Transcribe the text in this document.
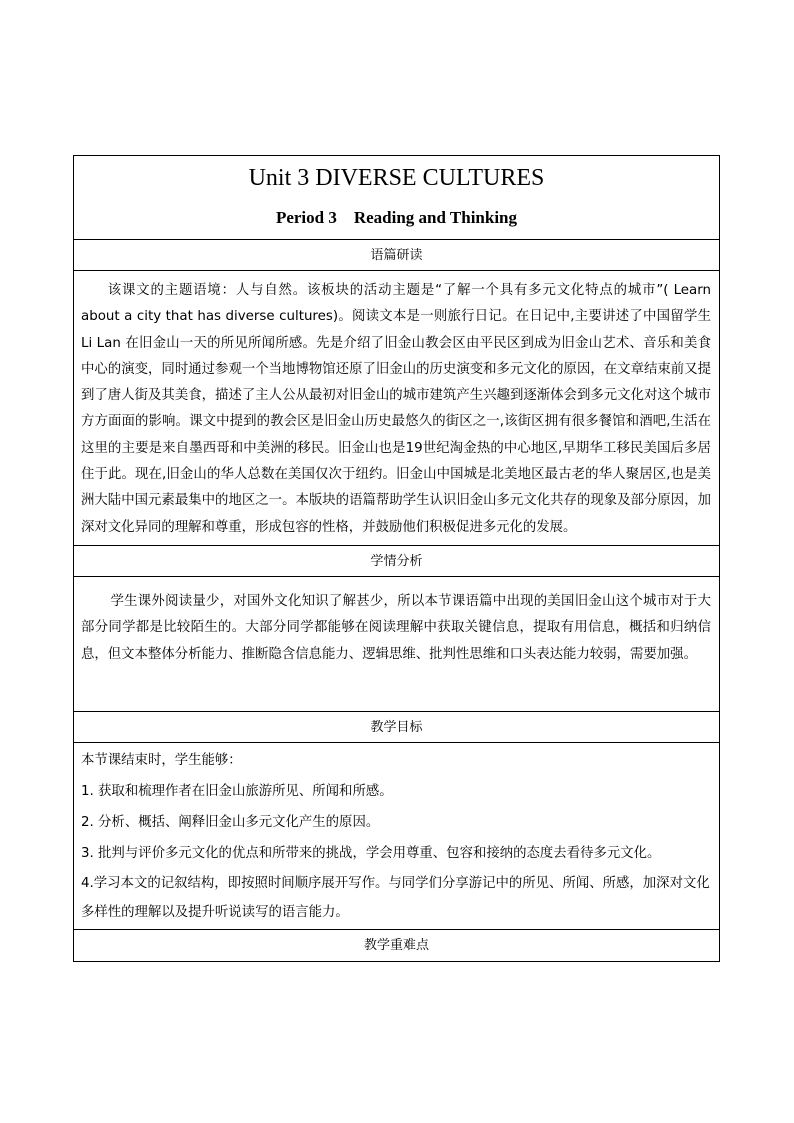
Unit 3 DIVERSE CULTURES
Period 3    Reading and Thinking
语篇研读

该课文的主题语境：人与自然。该板块的活动主题是“了解一个具有多元文化特点的城市”( Learn about a city that has diverse cultures)。阅读文本是一则旅行日记。在日记中,主要讲述了中国留学生 Li Lan 在旧金山一天的所见所闻所感。先是介绍了旧金山教会区由平民区到成为旧金山艺术、音乐和美食中心的演变，同时通过参观一个当地博物馆还原了旧金山的历史演变和多元文化的原因，在文章结束前又提到了唐人街及其美食，描述了主人公从最初对旧金山的城市建筑产生兴趣到逐渐体会到多元文化对这个城市方方面面的影响。课文中提到的教会区是旧金山历史最悠久的街区之一,该街区拥有很多餐馆和酒吧,生活在这里的主要是来自墨西哥和中美洲的移民。旧金山也是19世纪淘金热的中心地区,早期华工移民美国后多居住于此。现在,旧金山的华人总数在美国仅次于纽约。旧金山中国城是北美地区最古老的华人聚居区,也是美洲大陆中国元素最集中的地区之一。本版块的语篇帮助学生认识旧金山多元文化共存的现象及部分原因，加深对文化异同的理解和尊重，形成包容的性格，并鼓励他们积极促进多元化的发展。

学情分析

学生课外阅读量少，对国外文化知识了解甚少，所以本节课语篇中出现的美国旧金山这个城市对于大部分同学都是比较陌生的。大部分同学都能够在阅读理解中获取关键信息，提取有用信息，概括和归纳信息，但文本整体分析能力、推断隐含信息能力、逻辑思维、批判性思维和口头表达能力较弱，需要加强。

教学目标

本节课结束时，学生能够：

1. 获取和梳理作者在旧金山旅游所见、所闻和所感。

2. 分析、概括、阐释旧金山多元文化产生的原因。

3. 批判与评价多元文化的优点和所带来的挑战，学会用尊重、包容和接纳的态度去看待多元文化。

4.学习本文的记叙结构，即按照时间顺序展开写作。与同学们分享游记中的所见、所闻、所感，加深对文化多样性的理解以及提升听说读写的语言能力。

教学重难点
